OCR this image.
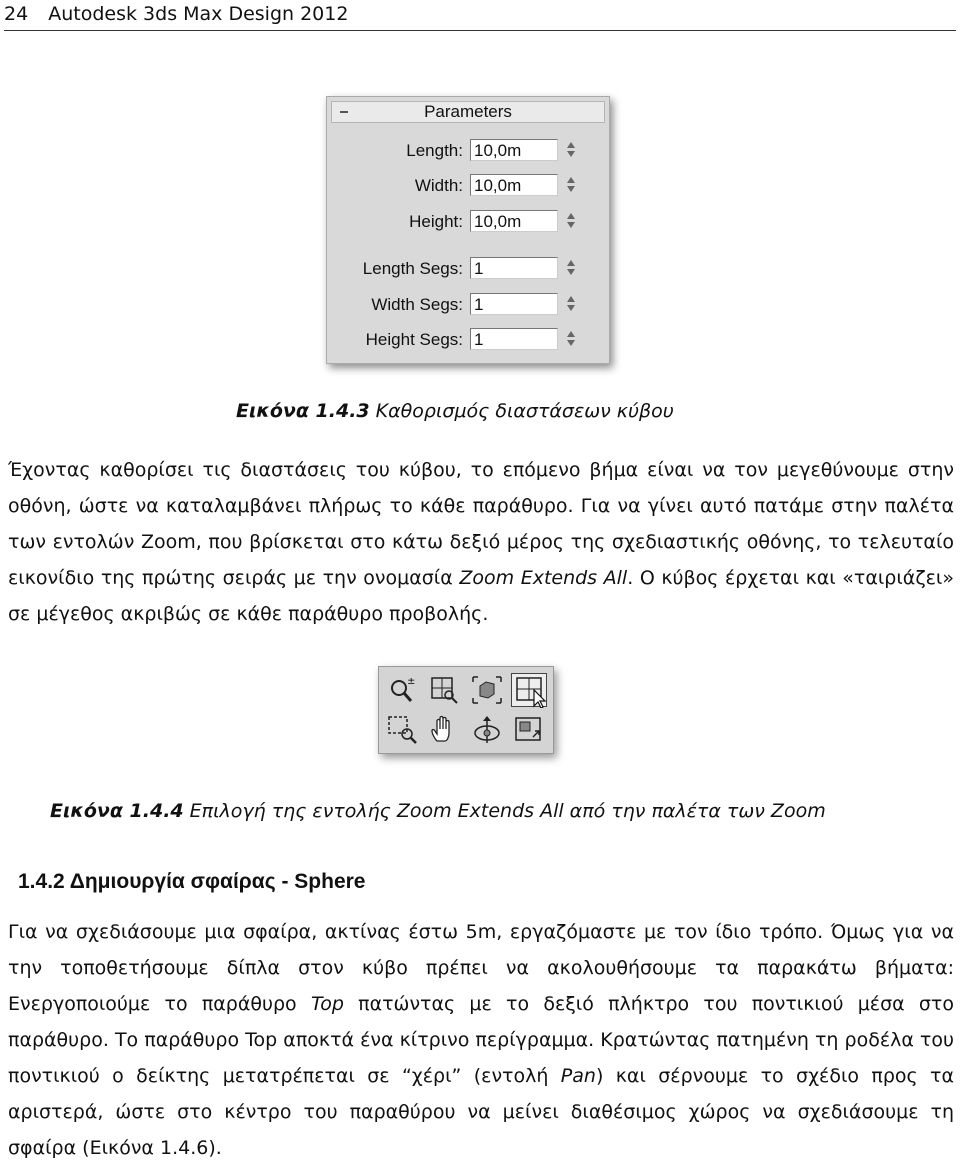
24 Autodesk 3ds Max Design 2012
Parameters
Length: 10,0m
Width: 10,0m
Height: 10,0m
Length Segs: 1
Width Segs: 1
Height Segs: 1
Εικόνα 1.4.3 Καθορισμός διαστάσεων κύβου
Έχοντας καθορίσει τις διαστάσεις του κύβου, το επόμενο βήμα είναι να τον μεγεθύνουμε στην οθόνη, ώστε να καταλαμβάνει πλήρως το κάθε παράθυρο. Για να γίνει αυτό πατάμε στην παλέτα των εντολών Zoom, που βρίσκεται στο κάτω δεξιό μέρος της σχεδιαστικής οθόνης, το τελευταίο εικονίδιο της πρώτης σειράς με την ονομασία Zoom Extends All. Ο κύβος έρχεται και «ταιριάζει» σε μέγεθος ακριβώς σε κάθε παράθυρο προβολής.
±
Εικόνα 1.4.4 Επιλογή της εντολής Zoom Extends All από την παλέτα των Zoom
1.4.2 Δημιουργία σφαίρας - Sphere
Για να σχεδιάσουμε μια σφαίρα, ακτίνας έστω 5m, εργαζόμαστε με τον ίδιο τρόπο. Όμως για να την τοποθετήσουμε δίπλα στον κύβο πρέπει να ακολουθήσουμε τα παρακάτω βήματα: Ενεργοποιούμε το παράθυρο Top πατώντας με το δεξιό πλήκτρο του ποντικιού μέσα στο παράθυρο. Το παράθυρο Top αποκτά ένα κίτρινο περίγραμμα. Κρατώντας πατημένη τη ροδέλα του ποντικιού ο δείκτης μετατρέπεται σε “χέρι” (εντολή Pan) και σέρνουμε το σχέδιο προς τα αριστερά, ώστε στο κέντρο του παραθύρου να μείνει διαθέσιμος χώρος να σχεδιάσουμε τη σφαίρα (Εικόνα 1.4.6).
